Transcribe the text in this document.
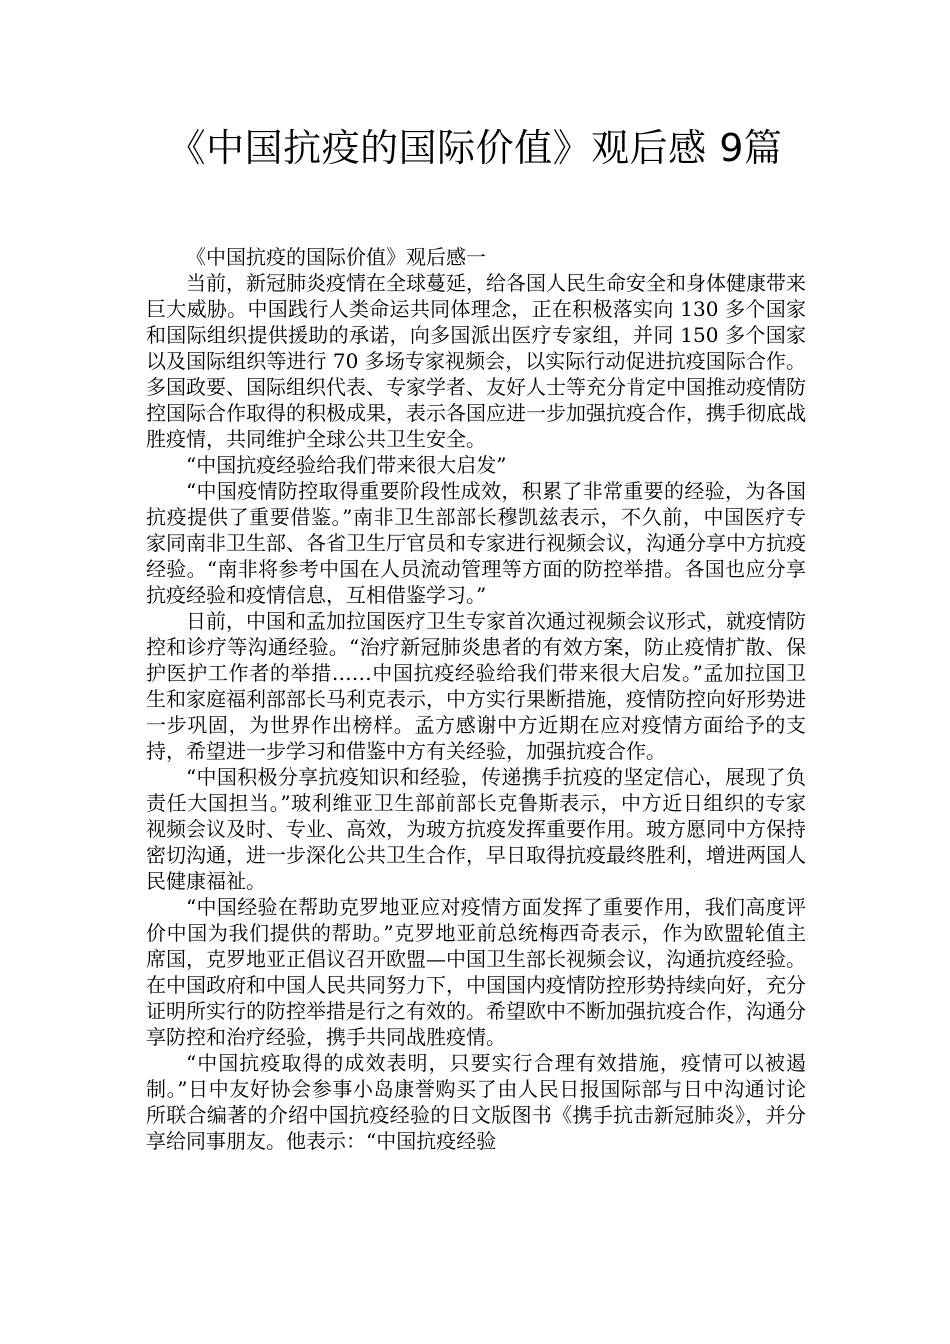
《中国抗疫的国际价值》观后感 9篇

《中国抗疫的国际价值》观后感一

当前，新冠肺炎疫情在全球蔓延，给各国人民生命安全和身体健康带来巨大威胁。中国践行人类命运共同体理念，正在积极落实向 130 多个国家和国际组织提供援助的承诺，向多国派出医疗专家组，并同 150 多个国家以及国际组织等进行 70 多场专家视频会，以实际行动促进抗疫国际合作。多国政要、国际组织代表、专家学者、友好人士等充分肯定中国推动疫情防控国际合作取得的积极成果，表示各国应进一步加强抗疫合作，携手彻底战胜疫情，共同维护全球公共卫生安全。

“中国抗疫经验给我们带来很大启发”

“中国疫情防控取得重要阶段性成效，积累了非常重要的经验，为各国抗疫提供了重要借鉴。”南非卫生部部长穆凯兹表示，不久前，中国医疗专家同南非卫生部、各省卫生厅官员和专家进行视频会议，沟通分享中方抗疫经验。“南非将参考中国在人员流动管理等方面的防控举措。各国也应分享抗疫经验和疫情信息，互相借鉴学习。”

日前，中国和孟加拉国医疗卫生专家首次通过视频会议形式，就疫情防控和诊疗等沟通经验。“治疗新冠肺炎患者的有效方案，防止疫情扩散、保护医护工作者的举措……中国抗疫经验给我们带来很大启发。”孟加拉国卫生和家庭福利部部长马利克表示，中方实行果断措施，疫情防控向好形势进一步巩固，为世界作出榜样。孟方感谢中方近期在应对疫情方面给予的支持，希望进一步学习和借鉴中方有关经验，加强抗疫合作。

“中国积极分享抗疫知识和经验，传递携手抗疫的坚定信心，展现了负责任大国担当。”玻利维亚卫生部前部长克鲁斯表示，中方近日组织的专家视频会议及时、专业、高效，为玻方抗疫发挥重要作用。玻方愿同中方保持密切沟通，进一步深化公共卫生合作，早日取得抗疫最终胜利，增进两国人民健康福祉。

“中国经验在帮助克罗地亚应对疫情方面发挥了重要作用，我们高度评价中国为我们提供的帮助。”克罗地亚前总统梅西奇表示，作为欧盟轮值主席国，克罗地亚正倡议召开欧盟—中国卫生部长视频会议，沟通抗疫经验。在中国政府和中国人民共同努力下，中国国内疫情防控形势持续向好，充分证明所实行的防控举措是行之有效的。希望欧中不断加强抗疫合作，沟通分享防控和治疗经验，携手共同战胜疫情。

“中国抗疫取得的成效表明，只要实行合理有效措施，疫情可以被遏制。”日中友好协会参事小岛康誉购买了由人民日报国际部与日中沟通讨论所联合编著的介绍中国抗疫经验的日文版图书《携手抗击新冠肺炎》，并分享给同事朋友。他表示：“中国抗疫经验
